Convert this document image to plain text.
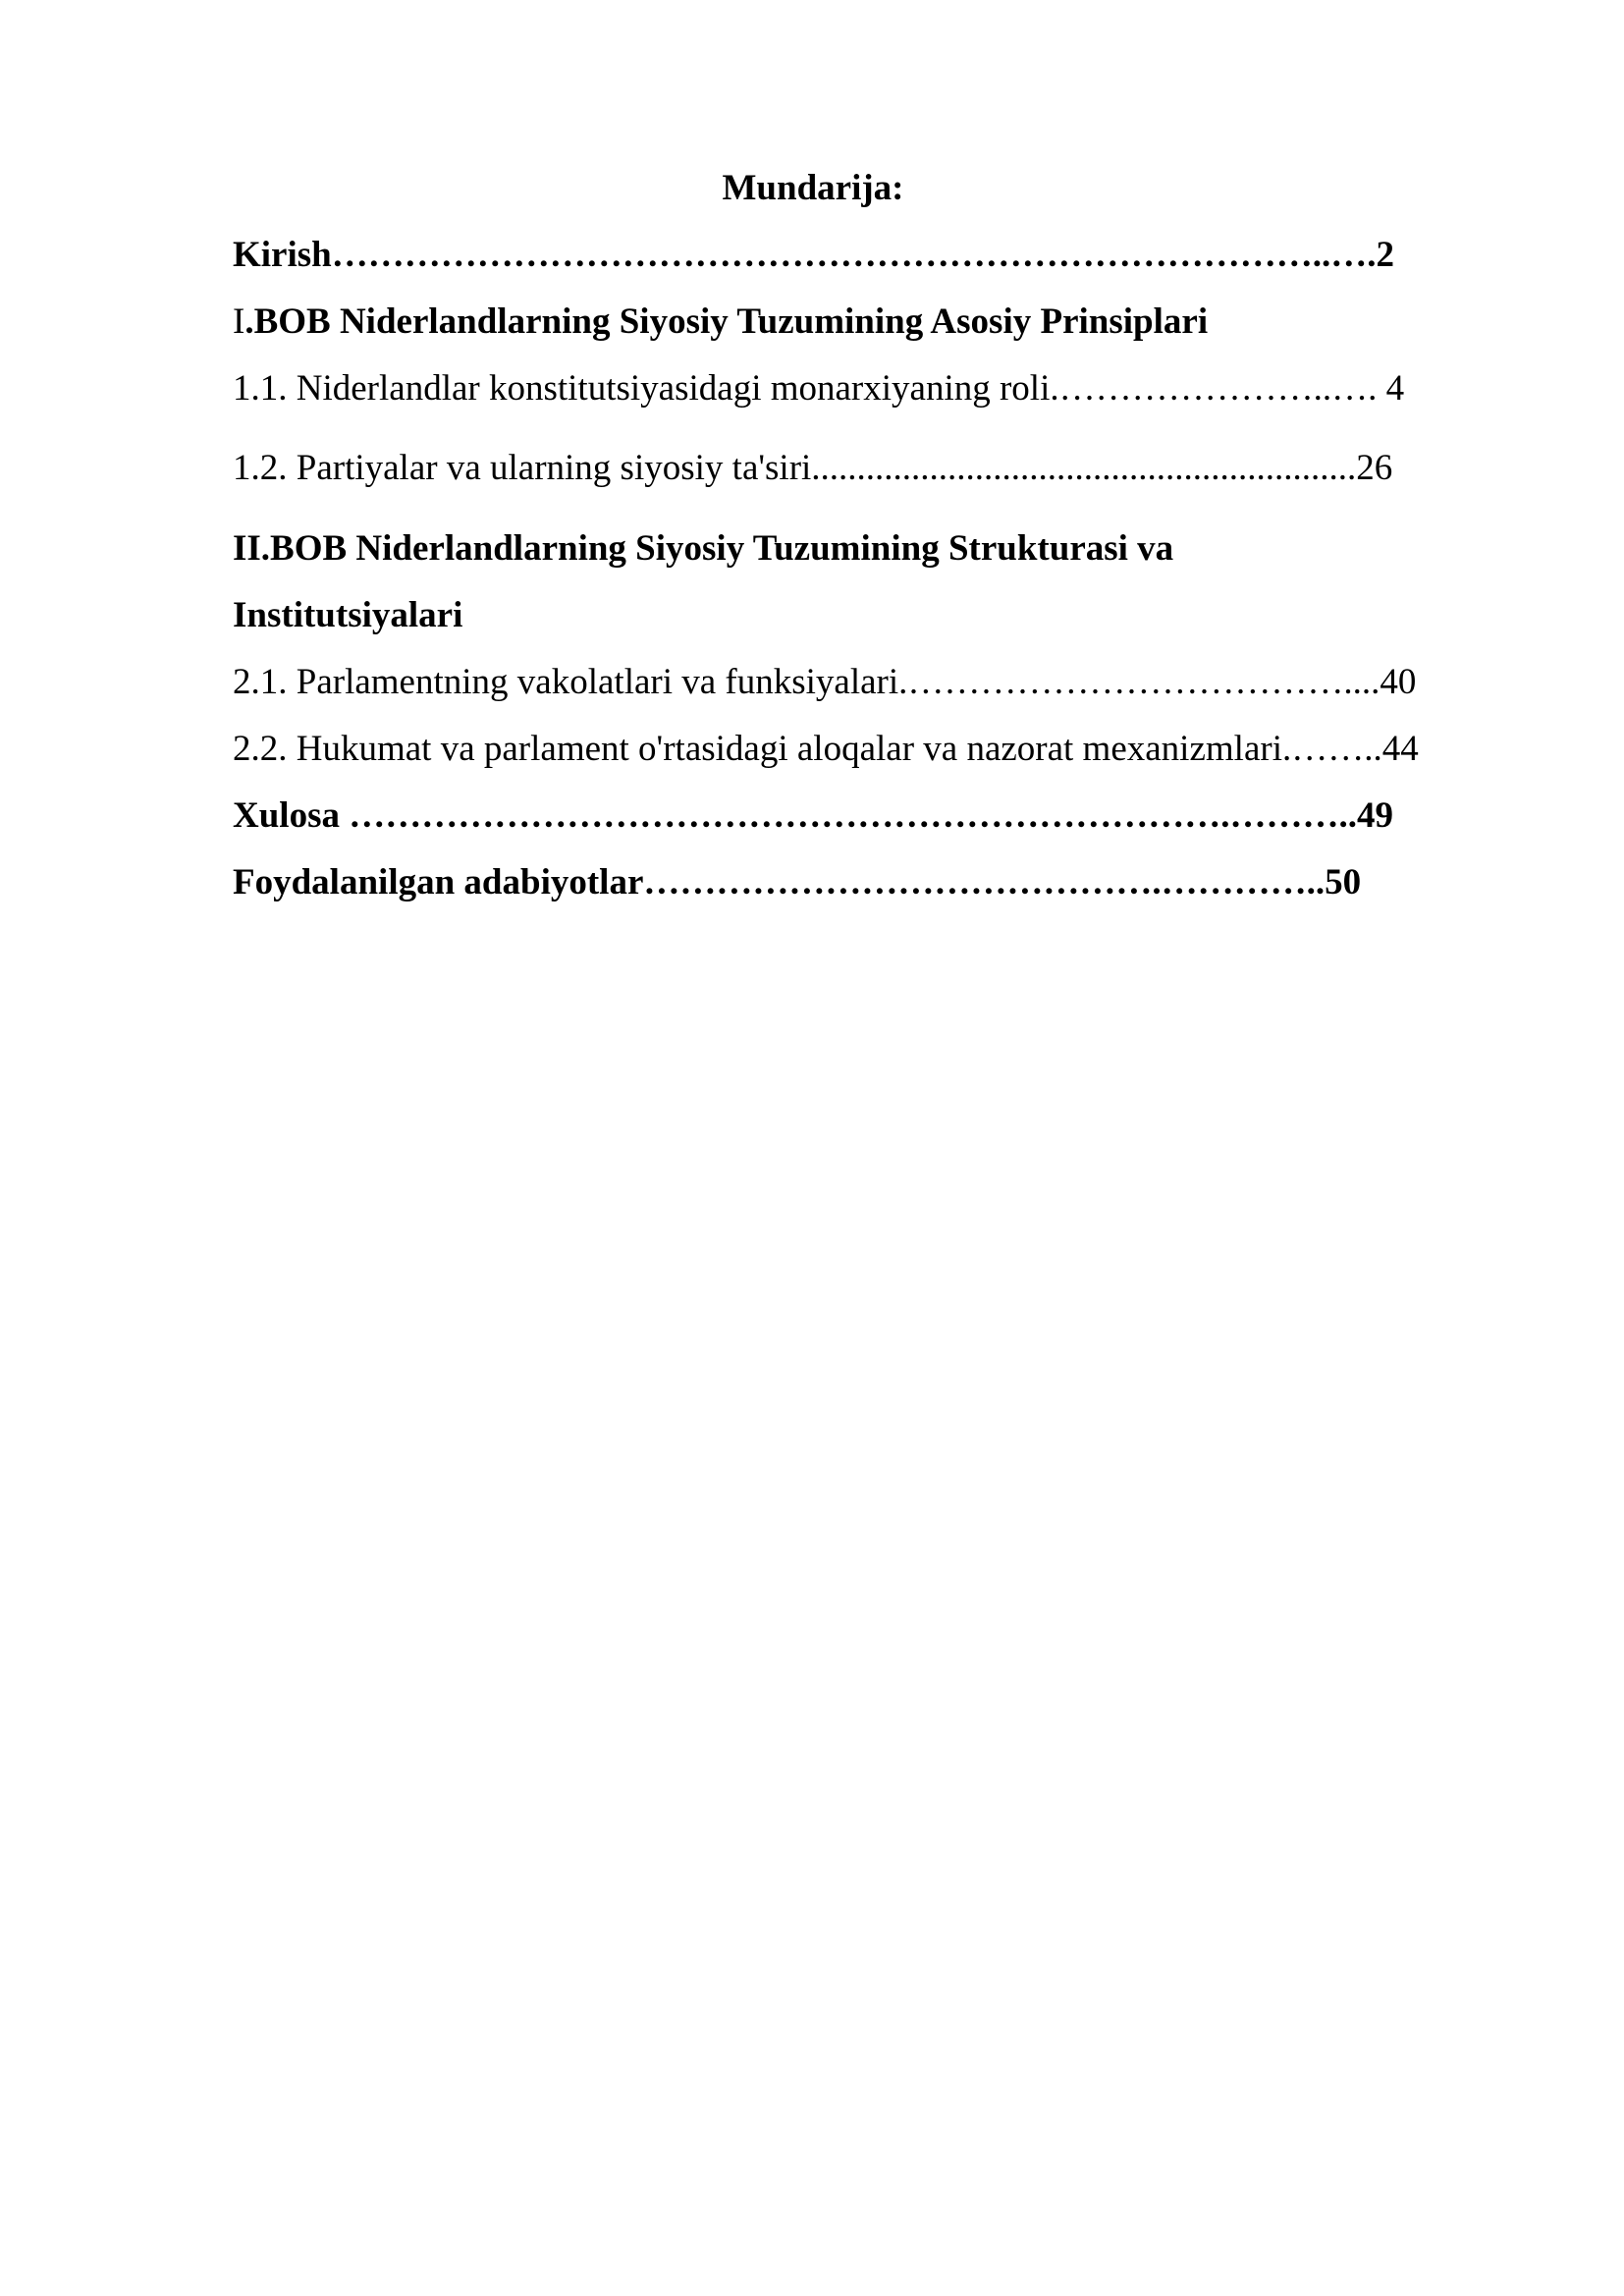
Mundarija:
Kirish………………………………………………………………………..….2
I.BOB Niderlandlarning Siyosiy Tuzumining Asosiy Prinsiplari
1.1. Niderlandlar konstitutsiyasidagi monarxiyaning roli.…………………..…. 4
1.2. Partiyalar va ularning siyosiy ta'siri............................................................26
II.BOB Niderlandlarning Siyosiy Tuzumining Strukturasi va
Institutsiyalari
2.1. Parlamentning vakolatlari va funksiyalari.………………………………....40
2.2. Hukumat va parlament o'rtasidagi aloqalar va nazorat mexanizmlari.……..44
Xulosa ……………………………………………………………….………..49
Foydalanilgan adabiyotlar…………………………………….…………..50
